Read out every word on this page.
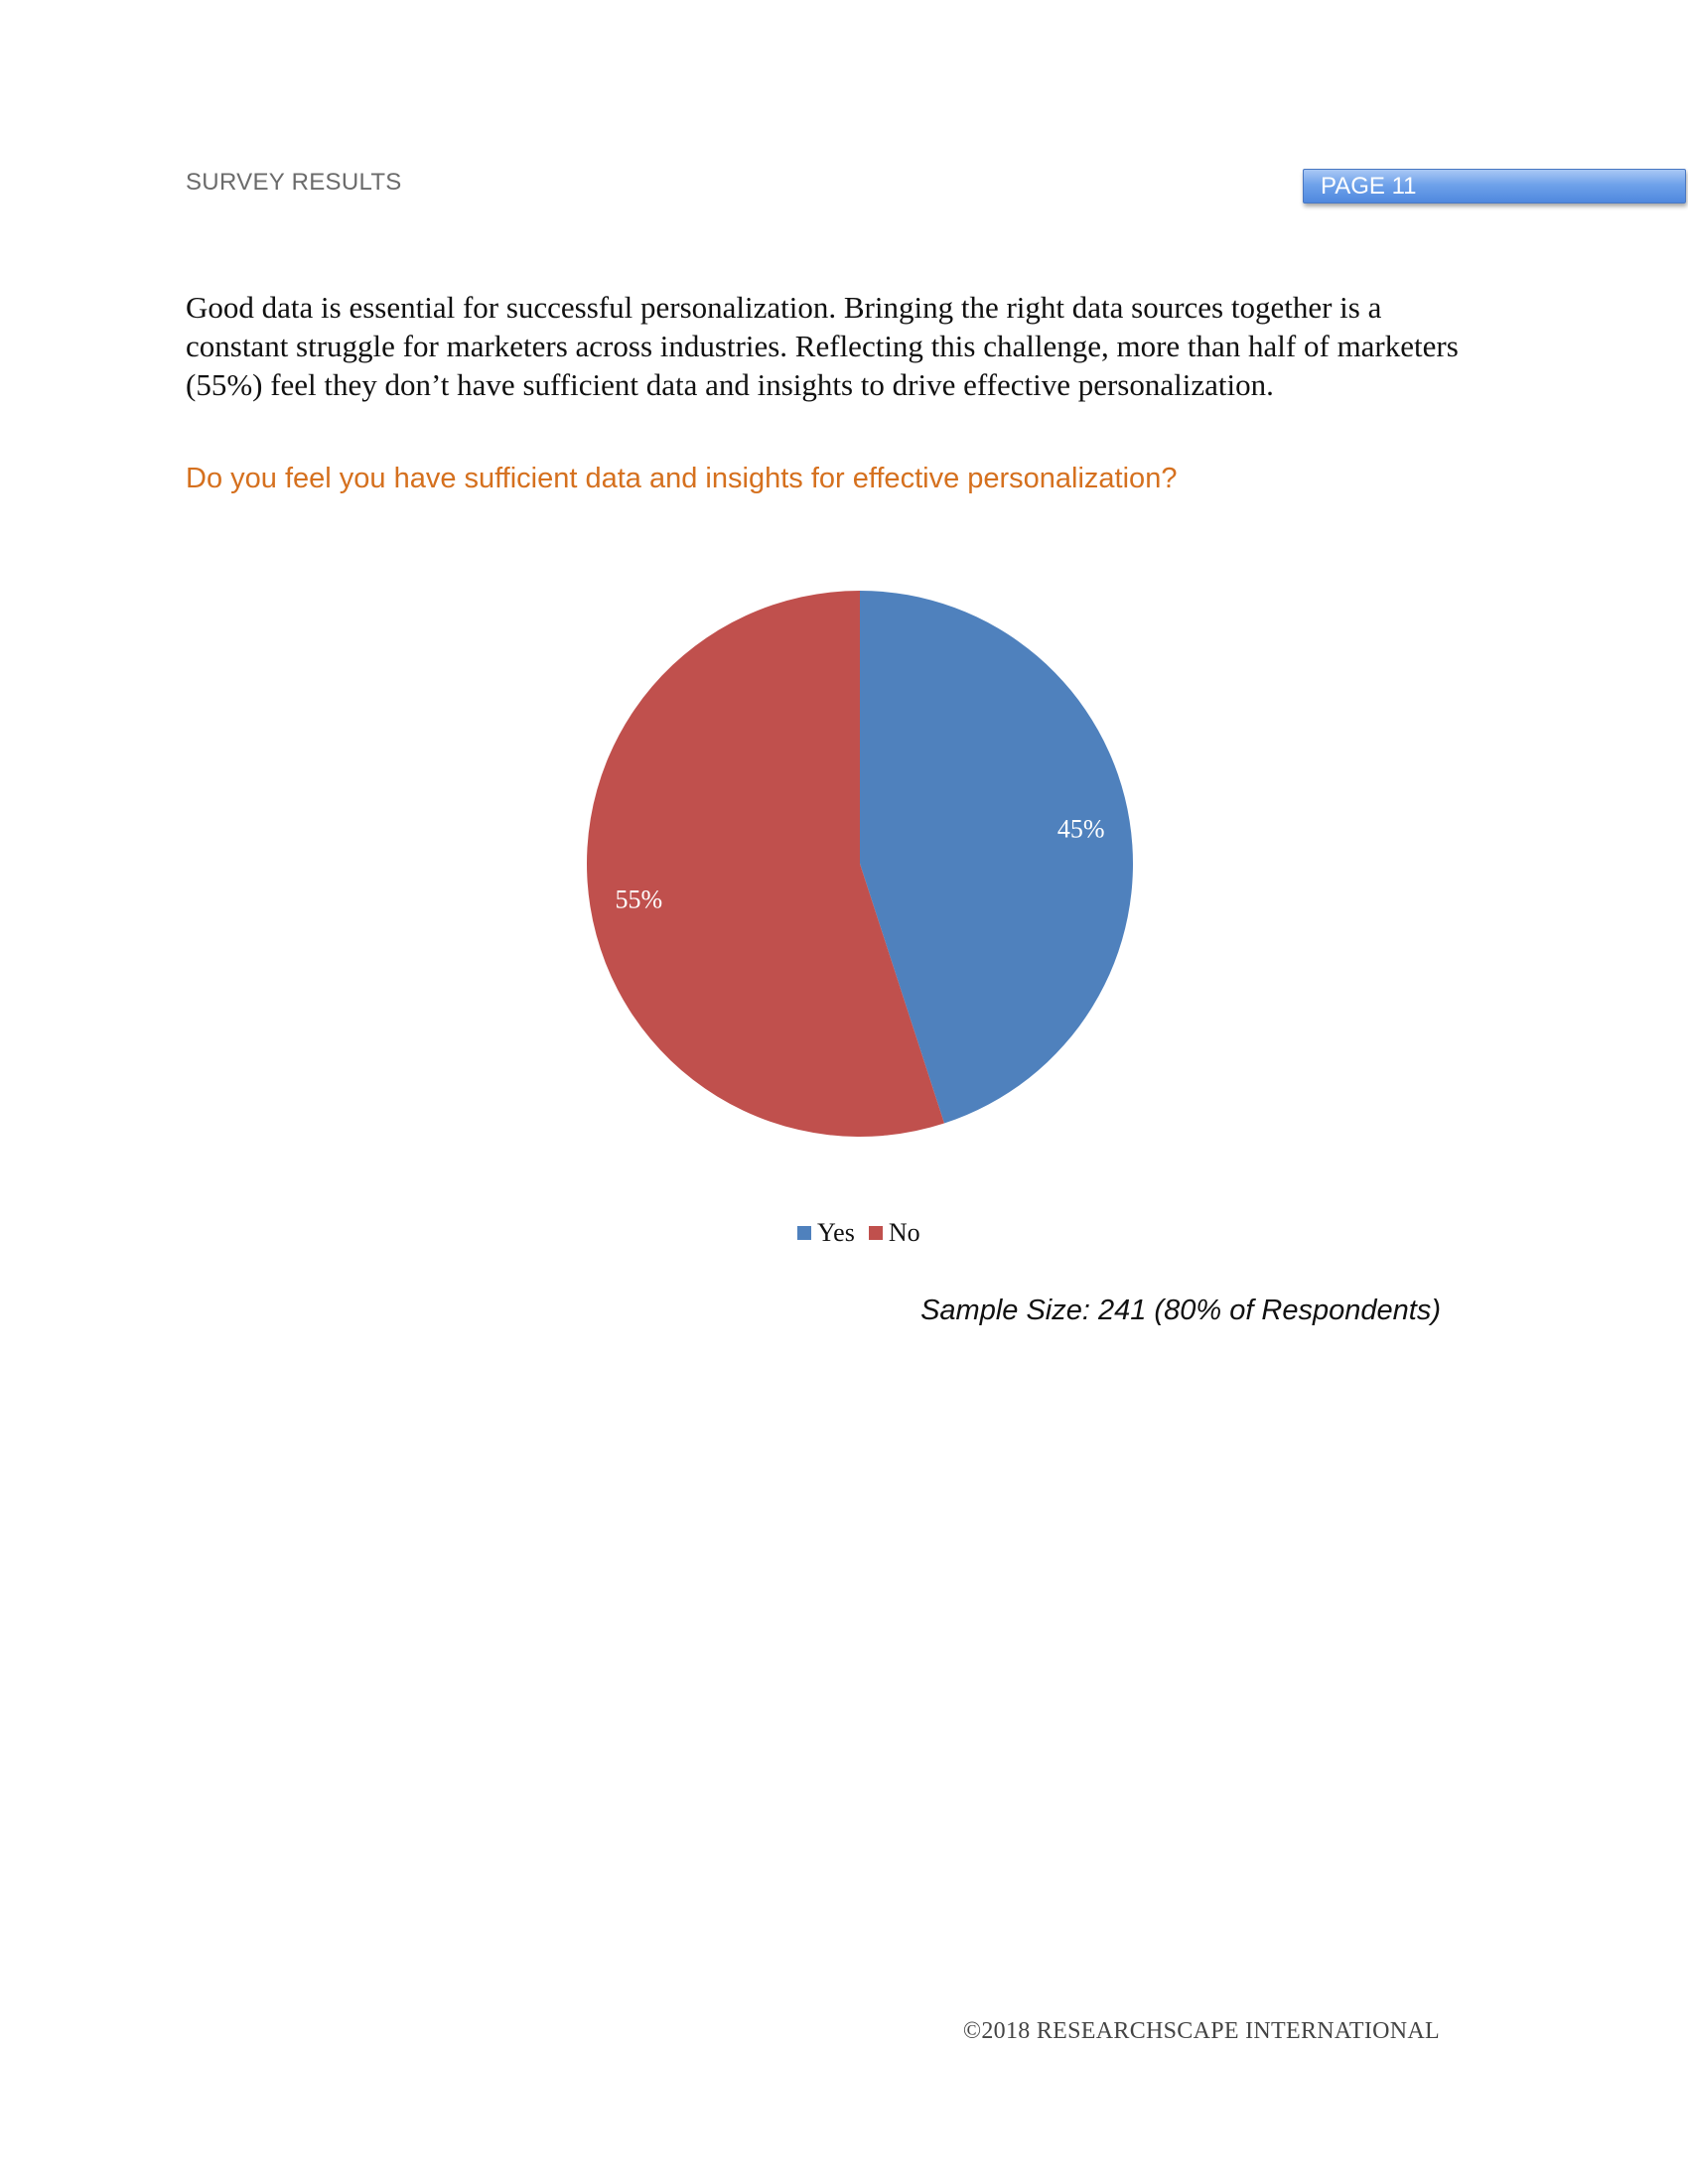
SURVEY RESULTS	PAGE 11

Good data is essential for successful personalization. Bringing the right data sources together is a constant struggle for marketers across industries. Reflecting this challenge, more than half of marketers (55%) feel they don’t have sufficient data and insights to drive effective personalization.

Do you feel you have sufficient data and insights for effective personalization?

45%
55%
Yes No
Sample Size: 241 (80% of Respondents)
©2018 RESEARCHSCAPE INTERNATIONAL
